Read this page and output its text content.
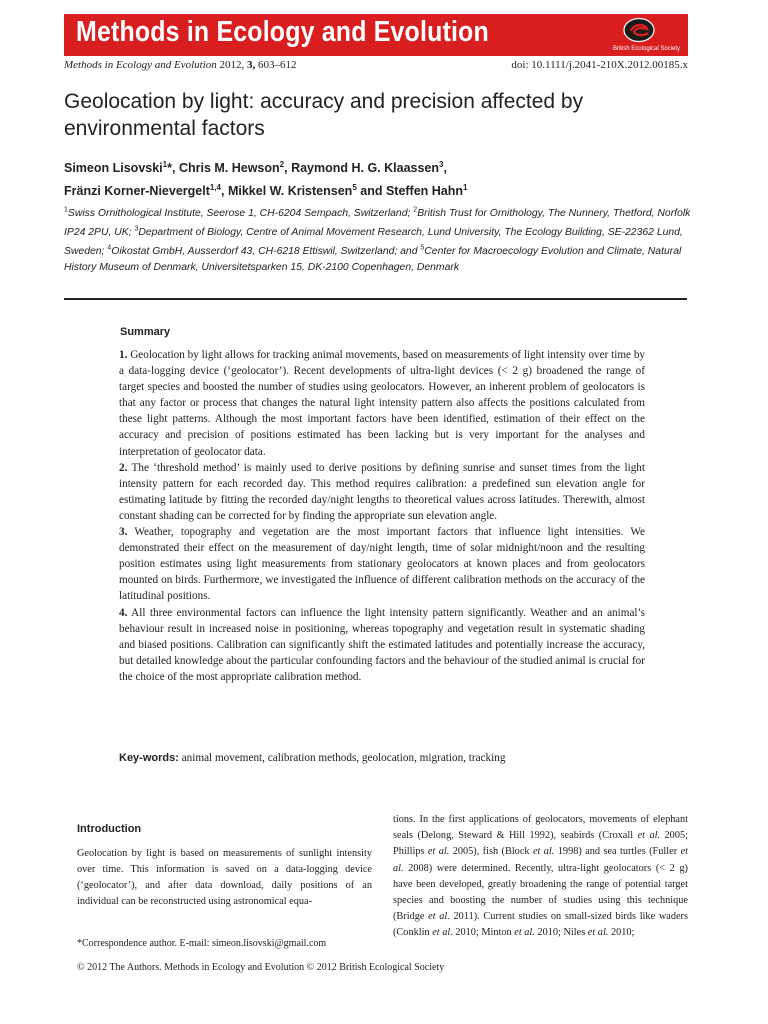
Methods in Ecology and Evolution
British Ecological Society
Methods in Ecology and Evolution 2012, 3, 603–612	doi: 10.1111/j.2041-210X.2012.00185.x
Geolocation by light: accuracy and precision affected by environmental factors
Simeon Lisovski$^1$*, Chris M. Hewson$^2$, Raymond H. G. Klaassen$^3$,
Fränzi Korner-Nievergelt$^{1,4}$, Mikkel W. Kristensen$^5$ and Steffen Hahn$^1$
$^1$Swiss Ornithological Institute, Seerose 1, CH-6204 Sempach, Switzerland; $^2$British Trust for Ornithology, The Nunnery, Thetford, Norfolk IP24 2PU, UK; $^3$Department of Biology, Centre of Animal Movement Research, Lund University, The Ecology Building, SE-22362 Lund, Sweden; $^4$Oikostat GmbH, Ausserdorf 43, CH-6218 Ettiswil, Switzerland; and $^5$Center for Macroecology Evolution and Climate, Natural History Museum of Denmark, Universitetsparken 15, DK-2100 Copenhagen, Denmark
Summary

1. Geolocation by light allows for tracking animal movements, based on measurements of light intensity over time by a data-logging device (‘geolocator’). Recent developments of ultra-light devices (< 2 g) broadened the range of target species and boosted the number of studies using geolocators. However, an inherent problem of geolocators is that any factor or process that changes the natural light intensity pattern also affects the positions calculated from these light patterns. Although the most important factors have been identified, estimation of their effect on the accuracy and precision of positions estimated has been lacking but is very important for the analyses and interpretation of geolocator data.

2. The ‘threshold method’ is mainly used to derive positions by defining sunrise and sunset times from the light intensity pattern for each recorded day. This method requires calibration: a predefined sun elevation angle for estimating latitude by fitting the recorded day/night lengths to theoretical values across latitudes. Therewith, almost constant shading can be corrected for by finding the appropriate sun elevation angle.

3. Weather, topography and vegetation are the most important factors that influence light intensities. We demonstrated their effect on the measurement of day/night length, time of solar midnight/noon and the resulting position estimates using light measurements from stationary geolocators at known places and from geolocators mounted on birds. Furthermore, we investigated the influence of different calibration methods on the accuracy of the latitudinal positions.

4. All three environmental factors can influence the light intensity pattern significantly. Weather and an animal’s behaviour result in increased noise in positioning, whereas topography and vegetation result in systematic shading and biased positions. Calibration can significantly shift the estimated latitudes and potentially increase the accuracy, but detailed knowledge about the particular confounding factors and the behaviour of the studied animal is crucial for the choice of the most appropriate calibration method.

Key-words: animal movement, calibration methods, geolocation, migration, tracking
Introduction

Geolocation by light is based on measurements of sunlight intensity over time. This information is saved on a data-logging device (‘geolocator’), and after data download, daily positions of an individual can be reconstructed using astronomical equa-

*Correspondence author. E-mail: simeon.lisovski@gmail.com

tions. In the first applications of geolocators, movements of elephant seals (Delong, Steward & Hill 1992), seabirds (Croxall et al. 2005; Phillips et al. 2005), fish (Block et al. 1998) and sea turtles (Fuller et al. 2008) were determined. Recently, ultra-light geolocators (< 2 g) have been developed, greatly broadening the range of potential target species and boosting the number of studies using this technique (Bridge et al. 2011). Current studies on small-sized birds like waders (Conklin et al. 2010; Minton et al. 2010; Niles et al. 2010;

© 2012 The Authors. Methods in Ecology and Evolution © 2012 British Ecological Society
